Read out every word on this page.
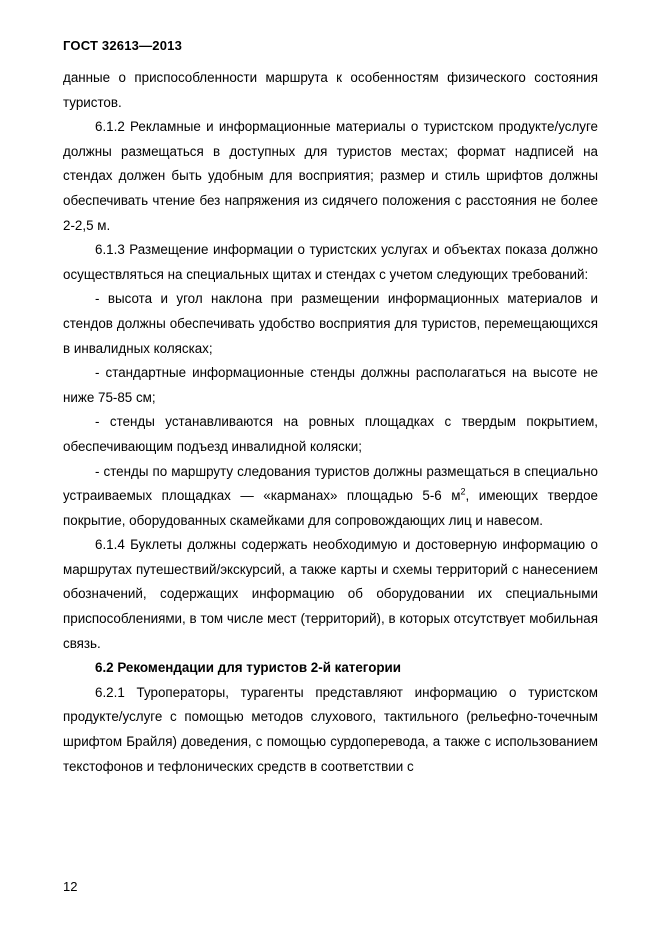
ГОСТ 32613—2013

данные о приспособленности маршрута к особенностям физического состояния туристов.

6.1.2 Рекламные и информационные материалы о туристском продукте/услуге должны размещаться в доступных для туристов местах; формат надписей на стендах должен быть удобным для восприятия; размер и стиль шрифтов должны обеспечивать чтение без напряжения из сидячего положения с расстояния не более 2-2,5 м.

6.1.3 Размещение информации о туристских услугах и объектах показа должно осуществляться на специальных щитах и стендах с учетом следующих требований:

- высота и угол наклона при размещении информационных материалов и стендов должны обеспечивать удобство восприятия для туристов, перемещающихся в инвалидных колясках;

- стандартные информационные стенды должны располагаться на высоте не ниже 75-85 см;

- стенды устанавливаются на ровных площадках с твердым покрытием, обеспечивающим подъезд инвалидной коляски;

- стенды по маршруту следования туристов должны размещаться в специально устраиваемых площадках — «карманах» площадью 5-6 $м^2$, имеющих твердое покрытие, оборудованных скамейками для сопровождающих лиц и навесом.

6.1.4 Буклеты должны содержать необходимую и достоверную информацию о маршрутах путешествий/экскурсий, а также карты и схемы территорий с нанесением обозначений, содержащих информацию об оборудовании их специальными приспособлениями, в том числе мест (территорий), в которых отсутствует мобильная связь.

6.2 Рекомендации для туристов 2-й категории

6.2.1 Туроператоры, турагенты представляют информацию о туристском продукте/услуге с помощью методов слухового, тактильного (рельефно-точечным шрифтом Брайля) доведения, с помощью сурдоперевода, а также с использованием текстофонов и тефлонических средств в соответствии с

12
